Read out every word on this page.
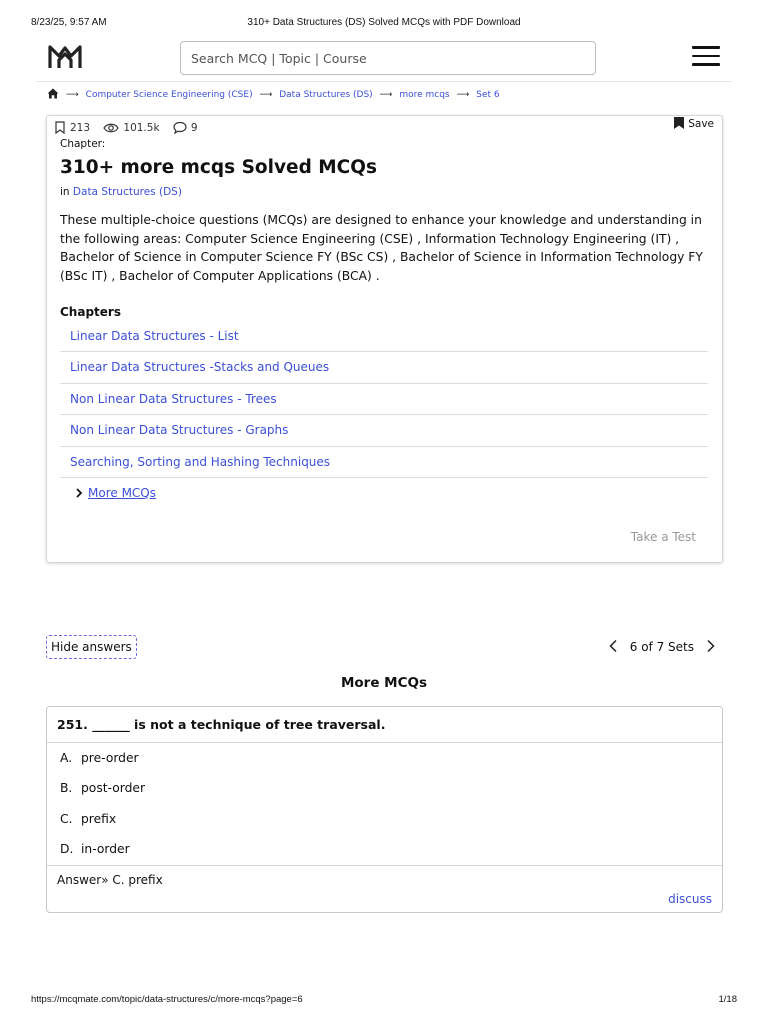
8/23/25, 9:57 AM	310+ Data Structures (DS) Solved MCQs with PDF Download
Search MCQ | Topic | Course
⟶ Computer Science Engineering (CSE) ⟶ Data Structures (DS) ⟶ more mcqs ⟶ Set 6
213	101.5k	9	Save
Chapter:
310+ more mcqs Solved MCQs
in Data Structures (DS)

These multiple-choice questions (MCQs) are designed to enhance your knowledge and understanding in the following areas: Computer Science Engineering (CSE) , Information Technology Engineering (IT) , Bachelor of Science in Computer Science FY (BSc CS) , Bachelor of Science in Information Technology FY (BSc IT) , Bachelor of Computer Applications (BCA) .

Chapters
Linear Data Structures - List
Linear Data Structures -Stacks and Queues
Non Linear Data Structures - Trees
Non Linear Data Structures - Graphs
Searching, Sorting and Hashing Techniques
More MCQs
Take a Test
Hide answers	6 of 7 Sets
More MCQs
251. ______ is not a technique of tree traversal.
A. pre-order
B. post-order
C. prefix
D. in-order
Answer» C. prefix
discuss
https://mcqmate.com/topic/data-structures/c/more-mcqs?page=6	1/18
